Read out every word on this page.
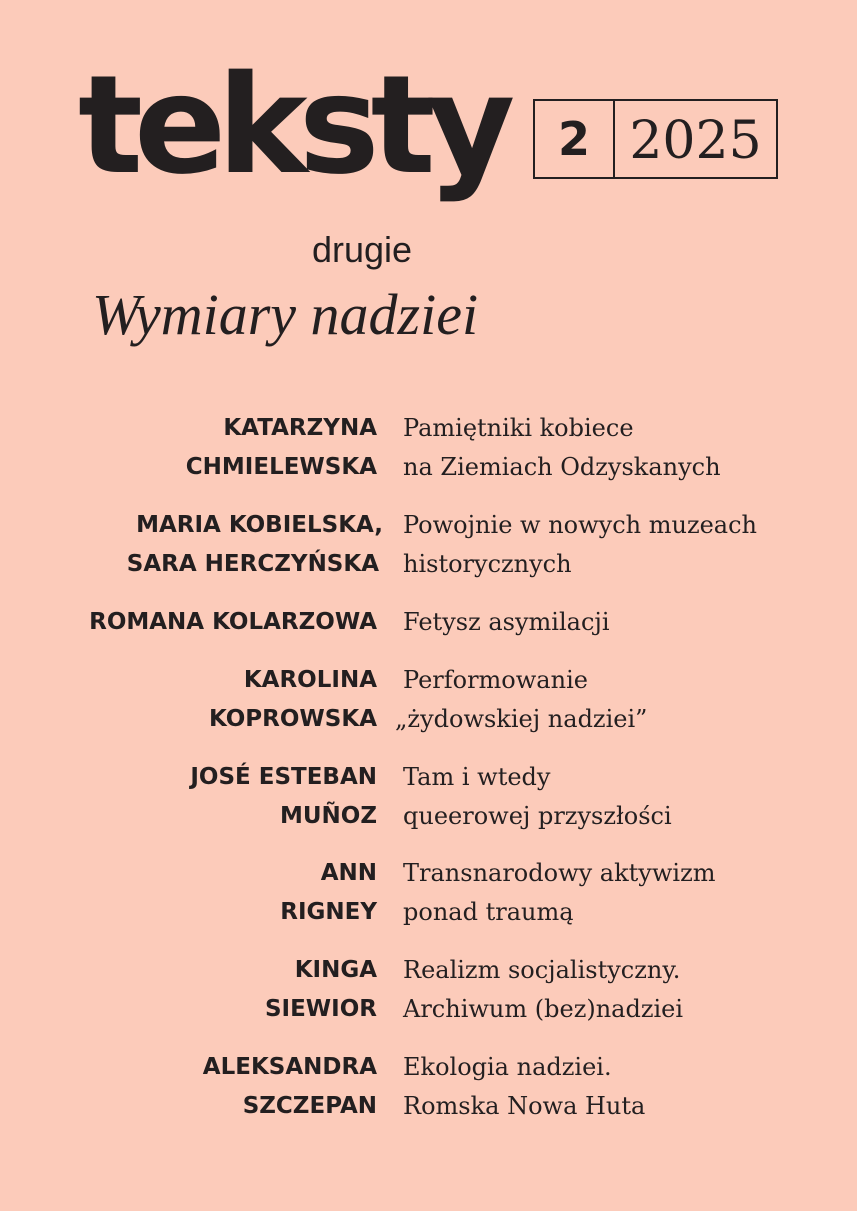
teksty
drugie
2 2025
Wymiary nadziei
KATARZYNA
CHMIELEWSKA
Pamiętniki kobiece
na Ziemiach Odzyskanych
MARIA KOBIELSKA,
SARA HERCZYŃSKA
Powojnie w nowych muzeach
historycznych
ROMANA KOLARZOWA Fetysz asymilacji
KAROLINA
KOPROWSKA
Performowanie
„żydowskiej nadziei”
JOSÉ ESTEBAN
MUÑOZ
Tam i wtedy
queerowej przyszłości
ANN
RIGNEY
Transnarodowy aktywizm
ponad traumą
KINGA
SIEWIOR
Realizm socjalistyczny.
Archiwum (bez)nadziei
ALEKSANDRA
SZCZEPAN
Ekologia nadziei.
Romska Nowa Huta
